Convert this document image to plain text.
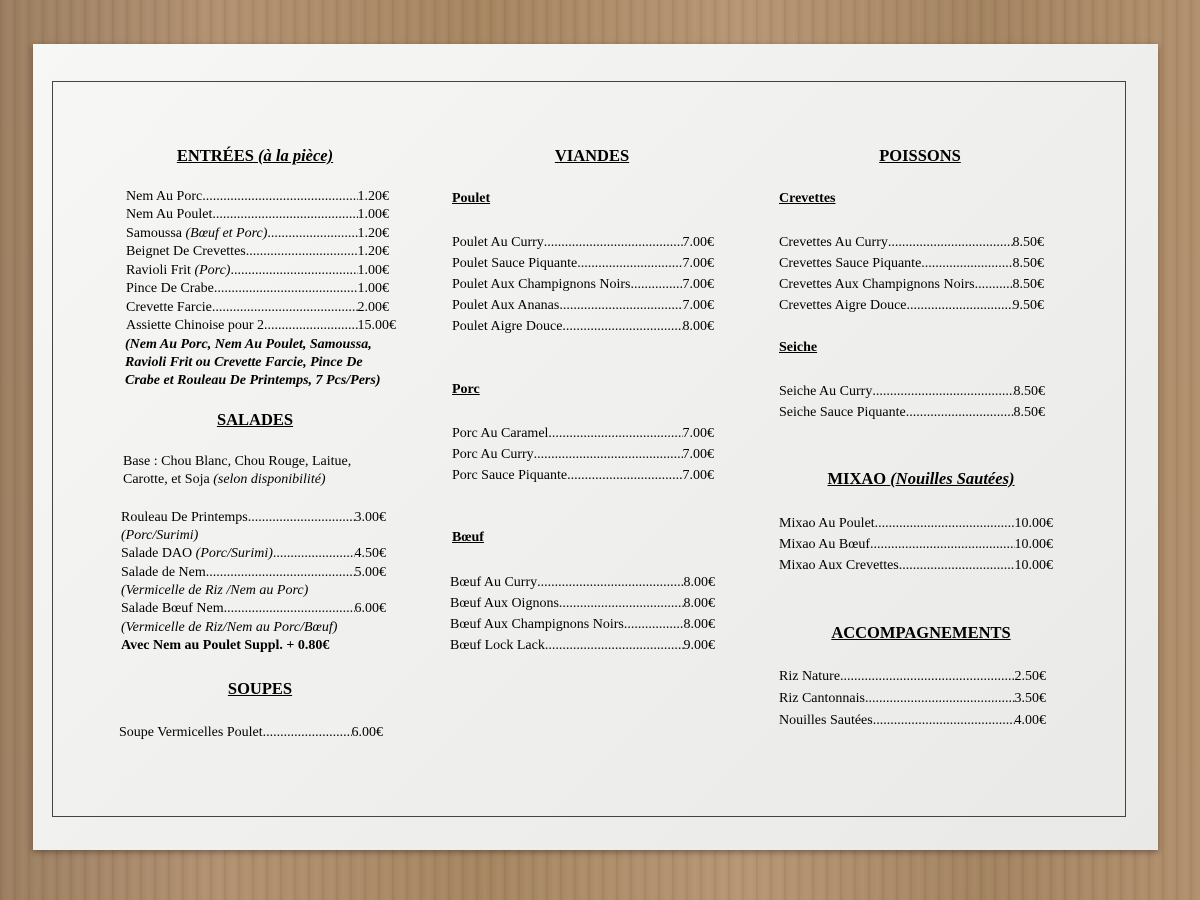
ENTRÉES (à la pièce)
Nem Au Porc .....	1.20€
Nem Au Poulet .....	1.00€
Samoussa (Bœuf et Porc) .....	1.20€
Beignet De Crevettes .....	1.20€
Ravioli Frit (Porc) .....	1.00€
Pince De Crabe .....	1.00€
Crevette Farcie .....	2.00€
Assiette Chinoise pour 2 .....	15.00€
(Nem Au Porc, Nem Au Poulet, Samoussa,
Ravioli Frit ou Crevette Farcie, Pince De
Crabe et Rouleau De Printemps, 7 Pcs/Pers)
SALADES
Base : Chou Blanc, Chou Rouge, Laitue,
Carotte, et Soja (selon disponibilité)
Rouleau De Printemps .....	3.00€
(Porc/Surimi)
Salade DAO (Porc/Surimi) .....	4.50€
Salade de Nem .....	5.00€
(Vermicelle de Riz /Nem au Porc)
Salade Bœuf Nem .....	6.00€
(Vermicelle de Riz/Nem au Porc/Bœuf)
Avec Nem au Poulet Suppl. + 0.80€
SOUPES
Soupe Vermicelles Poulet .....	6.00€
VIANDES
Poulet
Poulet Au Curry .....	7.00€
Poulet Sauce Piquante .....	7.00€
Poulet Aux Champignons Noirs .....	7.00€
Poulet Aux Ananas .....	7.00€
Poulet Aigre Douce .....	8.00€
Porc
Porc Au Caramel .....	7.00€
Porc Au Curry .....	7.00€
Porc Sauce Piquante .....	7.00€
Bœuf
Bœuf Au Curry .....	8.00€
Bœuf Aux Oignons .....	8.00€
Bœuf Aux Champignons Noirs .....	8.00€
Bœuf Lock Lack .....	9.00€
POISSONS
Crevettes
Crevettes Au Curry .....	8.50€
Crevettes Sauce Piquante .....	8.50€
Crevettes Aux Champignons Noirs .....	8.50€
Crevettes Aigre Douce .....	9.50€
Seiche
Seiche Au Curry .....	8.50€
Seiche Sauce Piquante .....	8.50€
MIXAO (Nouilles Sautées)
Mixao Au Poulet .....	10.00€
Mixao Au Bœuf .....	10.00€
Mixao Aux Crevettes .....	10.00€
ACCOMPAGNEMENTS
Riz Nature .....	2.50€
Riz Cantonnais .....	3.50€
Nouilles Sautées .....	4.00€
